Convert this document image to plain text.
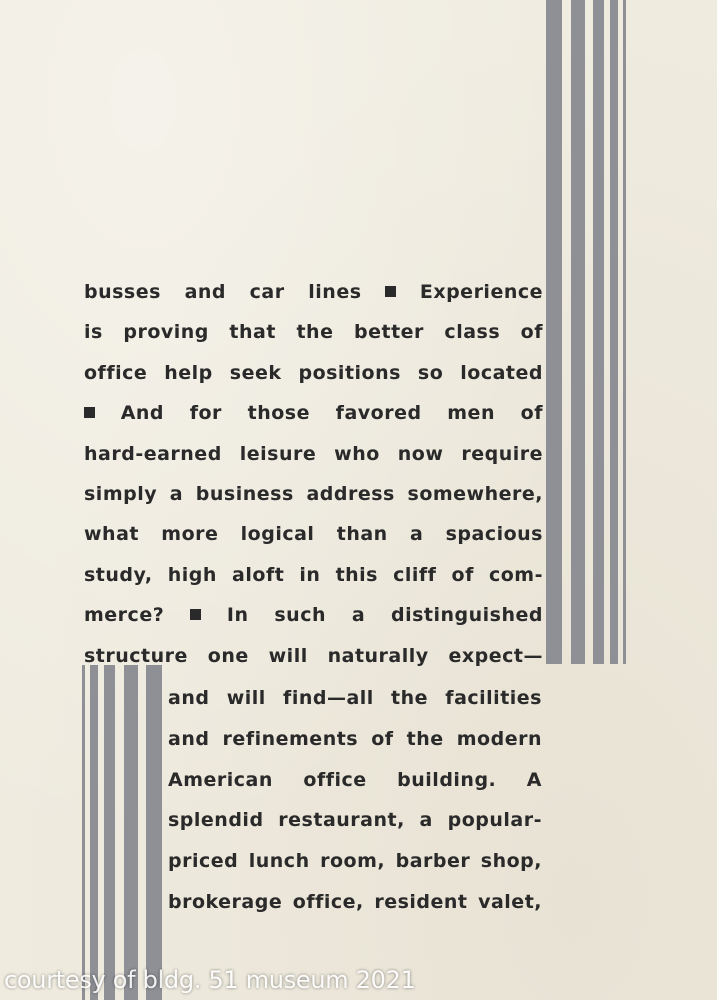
busses and car lines	Experience
is proving that the better class of
office help seek positions so located
And for those favored men of
hard-earned leisure who now require
simply a business address somewhere,
what more logical than a spacious
study, high aloft in this cliff of com-
merce?	In such a distinguished
structure one will naturally expect—
and will find—all the facilities
and refinements of the modern
American office building. A
splendid restaurant, a popular-
priced lunch room, barber shop,
brokerage office, resident valet,
courtesy of bldg. 51 museum 2021
